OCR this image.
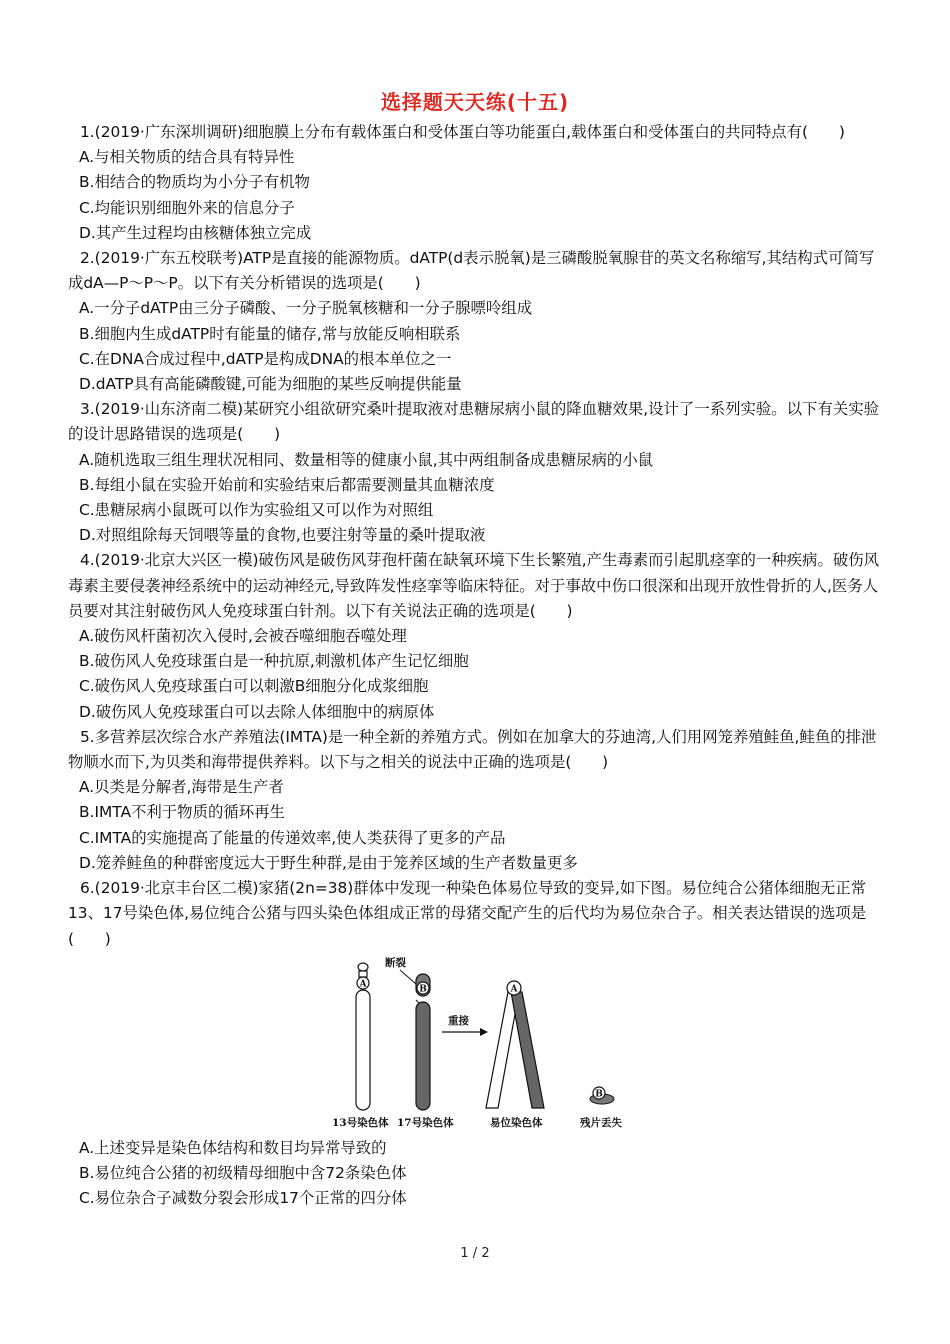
选择题天天练(十五)

1.(2019·广东深圳调研)细胞膜上分布有载体蛋白和受体蛋白等功能蛋白,载体蛋白和受体蛋白的共同特点有(　　)

A.与相关物质的结合具有特异性

B.相结合的物质均为小分子有机物

C.均能识别细胞外来的信息分子

D.其产生过程均由核糖体独立完成

2.(2019·广东五校联考)ATP是直接的能源物质。dATP(d表示脱氧)是三磷酸脱氧腺苷的英文名称缩写,其结构式可简写成dA—P～P～P。以下有关分析错误的选项是(　　)

A.一分子dATP由三分子磷酸、一分子脱氧核糖和一分子腺嘌呤组成

B.细胞内生成dATP时有能量的储存,常与放能反响相联系

C.在DNA合成过程中,dATP是构成DNA的根本单位之一

D.dATP具有高能磷酸键,可能为细胞的某些反响提供能量

3.(2019·山东济南二模)某研究小组欲研究桑叶提取液对患糖尿病小鼠的降血糖效果,设计了一系列实验。以下有关实验的设计思路错误的选项是(　　)

A.随机选取三组生理状况相同、数量相等的健康小鼠,其中两组制备成患糖尿病的小鼠

B.每组小鼠在实验开始前和实验结束后都需要测量其血糖浓度

C.患糖尿病小鼠既可以作为实验组又可以作为对照组

D.对照组除每天饲喂等量的食物,也要注射等量的桑叶提取液

4.(2019·北京大兴区一模)破伤风是破伤风芽孢杆菌在缺氧环境下生长繁殖,产生毒素而引起肌痉挛的一种疾病。破伤风毒素主要侵袭神经系统中的运动神经元,导致阵发性痉挛等临床特征。对于事故中伤口很深和出现开放性骨折的人,医务人员要对其注射破伤风人免疫球蛋白针剂。以下有关说法正确的选项是(　　)

A.破伤风杆菌初次入侵时,会被吞噬细胞吞噬处理

B.破伤风人免疫球蛋白是一种抗原,刺激机体产生记忆细胞

C.破伤风人免疫球蛋白可以刺激B细胞分化成浆细胞

D.破伤风人免疫球蛋白可以去除人体细胞中的病原体

5.多营养层次综合水产养殖法(IMTA)是一种全新的养殖方式。例如在加拿大的芬迪湾,人们用网笼养殖鲑鱼,鲑鱼的排泄物顺水而下,为贝类和海带提供养料。以下与之相关的说法中正确的选项是(　　)

A.贝类是分解者,海带是生产者

B.IMTA不利于物质的循环再生

C.IMTA的实施提高了能量的传递效率,使人类获得了更多的产品

D.笼养鲑鱼的种群密度远大于野生种群,是由于笼养区域的生产者数量更多

6.(2019·北京丰台区二模)家猪(2n=38)群体中发现一种染色体易位导致的变异,如下图。易位纯合公猪体细胞无正常13、17号染色体,易位纯合公猪与四头染色体组成正常的母猪交配产生的后代均为易位杂合子。相关表达错误的选项是(　　)

A
断裂
B
重接
A
B
13号染色体 17号染色体	易位染色体	残片丢失

A.上述变异是染色体结构和数目均异常导致的

B.易位纯合公猪的初级精母细胞中含72条染色体

C.易位杂合子减数分裂会形成17个正常的四分体

1 / 2
